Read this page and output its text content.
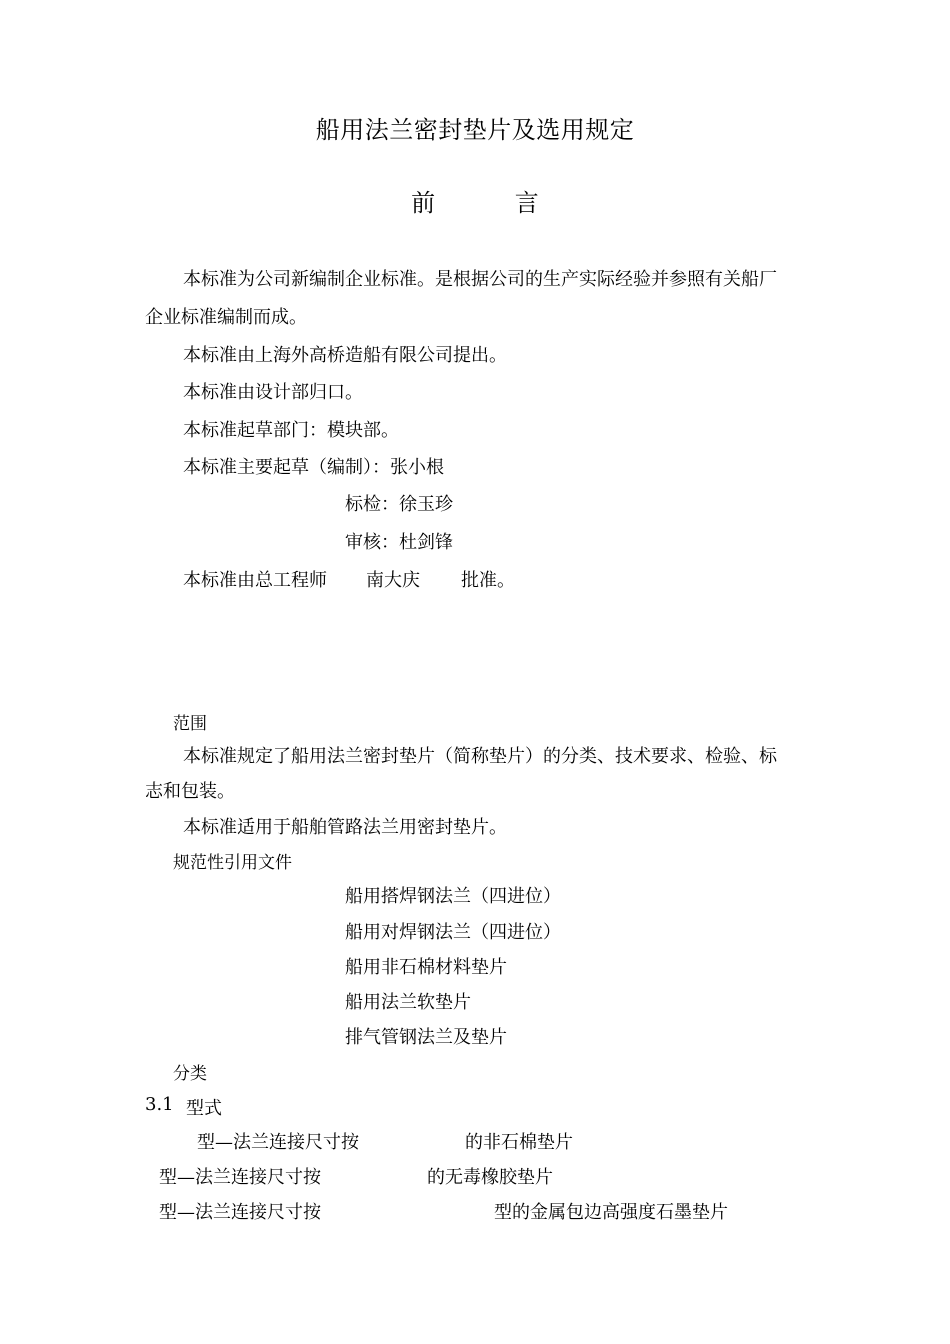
船用法兰密封垫片及选用规定
前 言
本标准为公司新编制企业标准。是根据公司的生产实际经验并参照有关船厂
企业标准编制而成。
本标准由上海外高桥造船有限公司提出。
本标准由设计部归口。
本标准起草部门：模块部。
本标准主要起草（编制）：张小根
标检：徐玉珍
审核：杜剑锋
本标准由总工程师 南大庆 批准。
范围
本标准规定了船用法兰密封垫片（简称垫片）的分类、技术要求、检验、标
志和包装。
本标准适用于船舶管路法兰用密封垫片。
规范性引用文件
船用搭焊钢法兰（四进位）
船用对焊钢法兰（四进位）
船用非石棉材料垫片
船用法兰软垫片
排气管钢法兰及垫片
分类
3.1 型式
型—法兰连接尺寸按	的非石棉垫片
型—法兰连接尺寸按	的无毒橡胶垫片
型—法兰连接尺寸按	型的金属包边高强度石墨垫片
